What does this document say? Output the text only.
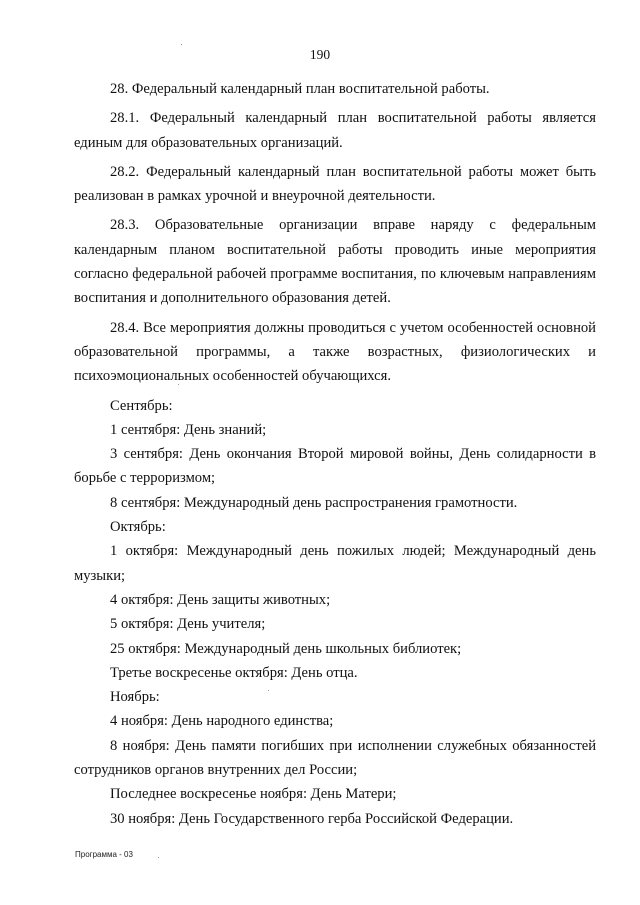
190

28. Федеральный календарный план воспитательной работы.

28.1. Федеральный календарный план воспитательной работы является единым для образовательных организаций.

28.2. Федеральный календарный план воспитательной работы может быть реализован в рамках урочной и внеурочной деятельности.

28.3. Образовательные организации вправе наряду с федеральным календарным планом воспитательной работы проводить иные мероприятия согласно федеральной рабочей программе воспитания, по ключевым направлениям воспитания и дополнительного образования детей.

28.4. Все мероприятия должны проводиться с учетом особенностей основной образовательной программы, а также возрастных, физиологических и психоэмоциональных особенностей обучающихся.

Сентябрь:

1 сентября: День знаний;

3 сентября: День окончания Второй мировой войны, День солидарности в борьбе с терроризмом;

8 сентября: Международный день распространения грамотности.

Октябрь:

1 октября: Международный день пожилых людей; Международный день музыки;

4 октября: День защиты животных;

5 октября: День учителя;

25 октября: Международный день школьных библиотек;

Третье воскресенье октября: День отца.

Ноябрь:

4 ноября: День народного единства;

8 ноября: День памяти погибших при исполнении служебных обязанностей сотрудников органов внутренних дел России;

Последнее воскресенье ноября: День Матери;

30 ноября: День Государственного герба Российской Федерации.

Программа - 03
